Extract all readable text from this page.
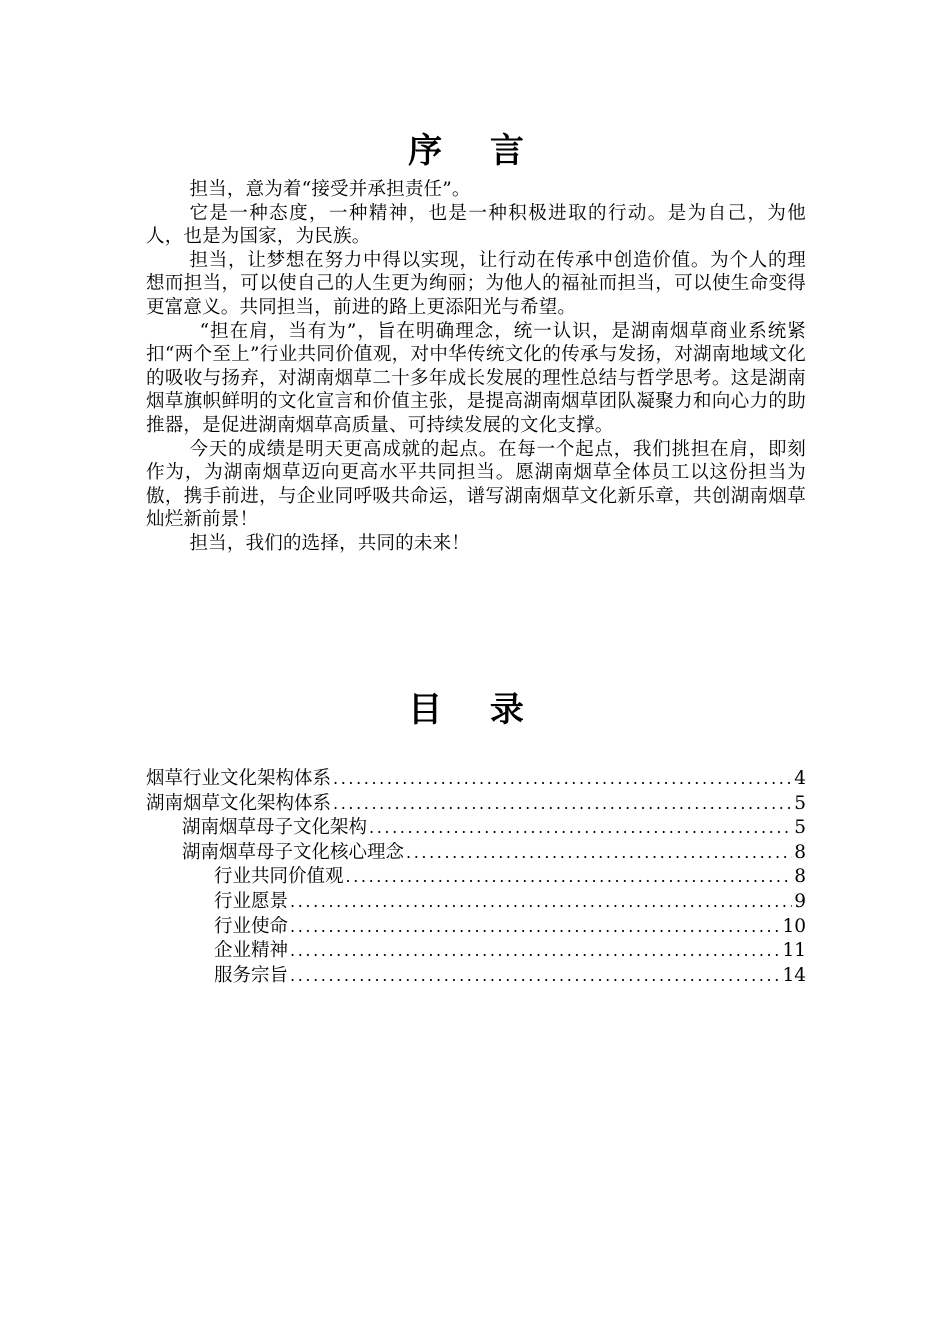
序 言

担当，意为着“接受并承担责任”。

它是一种态度，一种精神，也是一种积极进取的行动。是为自己，为他人，也是为国家，为民族。

担当，让梦想在努力中得以实现，让行动在传承中创造价值。为个人的理想而担当，可以使自己的人生更为绚丽；为他人的福祉而担当，可以使生命变得更富意义。共同担当，前进的路上更添阳光与希望。

“担在肩，当有为”，旨在明确理念，统一认识，是湖南烟草商业系统紧扣“两个至上”行业共同价值观，对中华传统文化的传承与发扬，对湖南地域文化的吸收与扬弃，对湖南烟草二十多年成长发展的理性总结与哲学思考。这是湖南烟草旗帜鲜明的文化宣言和价值主张，是提高湖南烟草团队凝聚力和向心力的助推器，是促进湖南烟草高质量、可持续发展的文化支撑。

今天的成绩是明天更高成就的起点。在每一个起点，我们挑担在肩，即刻作为，为湖南烟草迈向更高水平共同担当。愿湖南烟草全体员工以这份担当为傲，携手前进，与企业同呼吸共命运，谱写湖南烟草文化新乐章，共创湖南烟草灿烂新前景！

担当，我们的选择，共同的未来！

目 录
烟草行业文化架构体系 .....	4
湖南烟草文化架构体系 .....	5
湖南烟草母子文化架构 .....	5
湖南烟草母子文化核心理念 .....	8
行业共同价值观 .....	8
行业愿景 .....	9
行业使命 .....	10
企业精神 .....	11
服务宗旨 .....	14
